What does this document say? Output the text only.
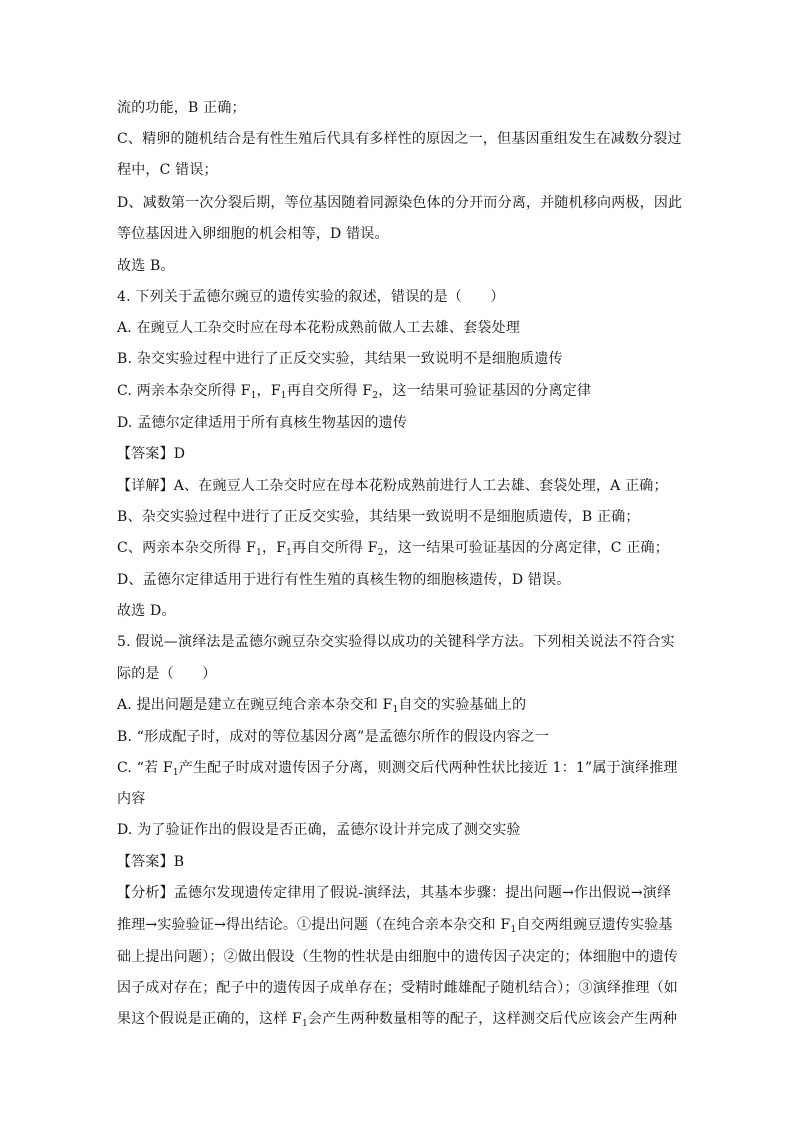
流的功能，B 正确；
C、精卵的随机结合是有性生殖后代具有多样性的原因之一，但基因重组发生在减数分裂过
程中，C 错误；
D、减数第一次分裂后期，等位基因随着同源染色体的分开而分离，并随机移向两极，因此
等位基因进入卵细胞的机会相等，D 错误。
故选 B。
4. 下列关于孟德尔豌豆的遗传实验的叙述，错误的是（　　）
A. 在豌豆人工杂交时应在母本花粉成熟前做人工去雄、套袋处理
B. 杂交实验过程中进行了正反交实验，其结果一致说明不是细胞质遗传
C. 两亲本杂交所得 $F_1$，$F_1$再自交所得 $F_2$，这一结果可验证基因的分离定律
D. 孟德尔定律适用于所有真核生物基因的遗传
【答案】D
【详解】A、在豌豆人工杂交时应在母本花粉成熟前进行人工去雄、套袋处理，A 正确；
B、杂交实验过程中进行了正反交实验，其结果一致说明不是细胞质遗传，B 正确；
C、两亲本杂交所得 $F_1$，$F_1$再自交所得 $F_2$，这一结果可验证基因的分离定律，C 正确；
D、孟德尔定律适用于进行有性生殖的真核生物的细胞核遗传，D 错误。
故选 D。
5. 假说—演绎法是孟德尔豌豆杂交实验得以成功的关键科学方法。下列相关说法不符合实
际的是（　　）
A. 提出问题是建立在豌豆纯合亲本杂交和 $F_1$自交的实验基础上的
B. “形成配子时，成对的等位基因分离”是孟德尔所作的假设内容之一
C. “若 $F_1$产生配子时成对遗传因子分离，则测交后代两种性状比接近 1：1”属于演绎推理
内容
D. 为了验证作出的假设是否正确，孟德尔设计并完成了测交实验
【答案】B
【分析】孟德尔发现遗传定律用了假说-演绎法，其基本步骤：提出问题→作出假说→演绎
推理→实验验证→得出结论。①提出问题（在纯合亲本杂交和 $F_1$自交两组豌豆遗传实验基
础上提出问题）；②做出假设（生物的性状是由细胞中的遗传因子决定的；体细胞中的遗传
因子成对存在；配子中的遗传因子成单存在；受精时雌雄配子随机结合）；③演绎推理（如
果这个假说是正确的，这样 $F_1$会产生两种数量相等的配子，这样测交后代应该会产生两种
